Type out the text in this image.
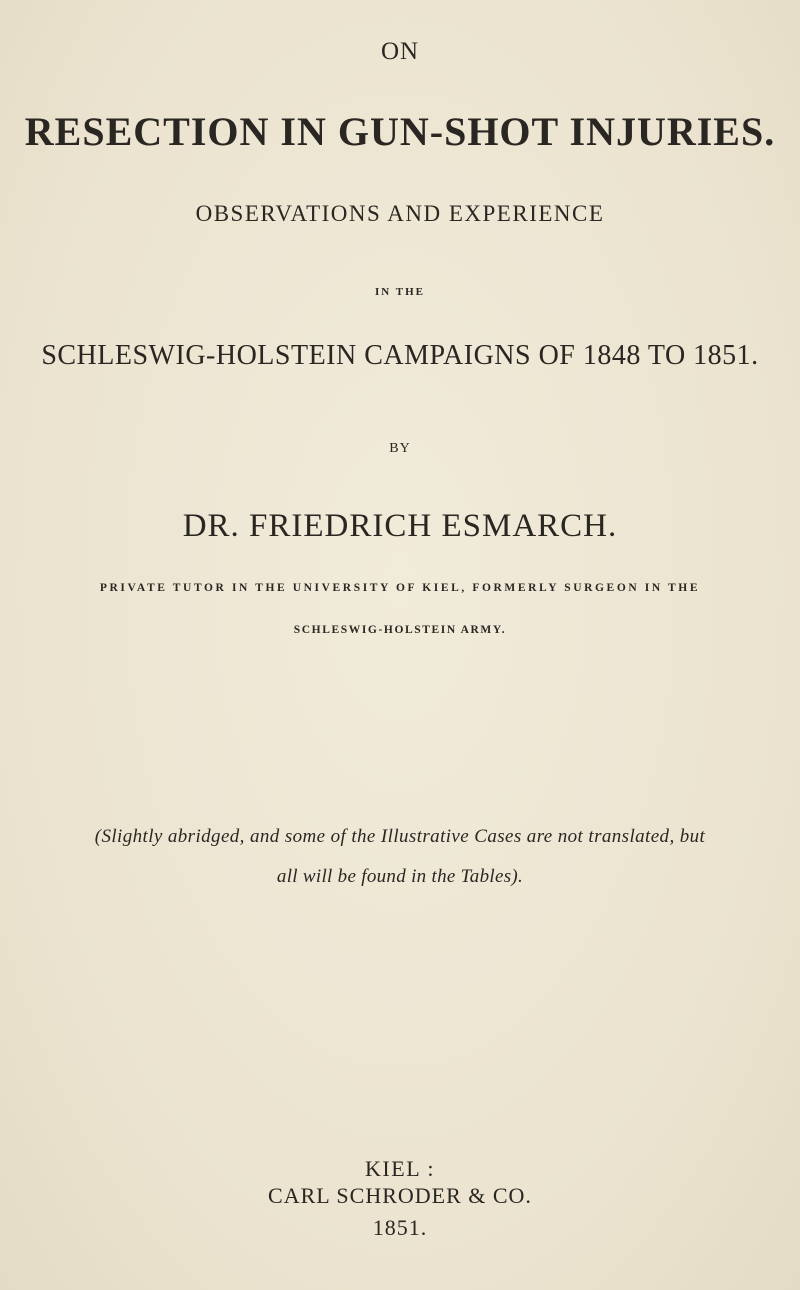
ON
RESECTION IN GUN-SHOT INJURIES.
OBSERVATIONS AND EXPERIENCE
IN THE
SCHLESWIG-HOLSTEIN CAMPAIGNS OF 1848 TO 1851.
BY
DR. FRIEDRICH ESMARCH.
PRIVATE TUTOR IN THE UNIVERSITY OF KIEL, FORMERLY SURGEON IN THE
SCHLESWIG-HOLSTEIN ARMY.
(Slightly abridged, and some of the Illustrative Cases are not translated, but
all will be found in the Tables).
KIEL :
CARL SCHRODER & CO.
1851.
